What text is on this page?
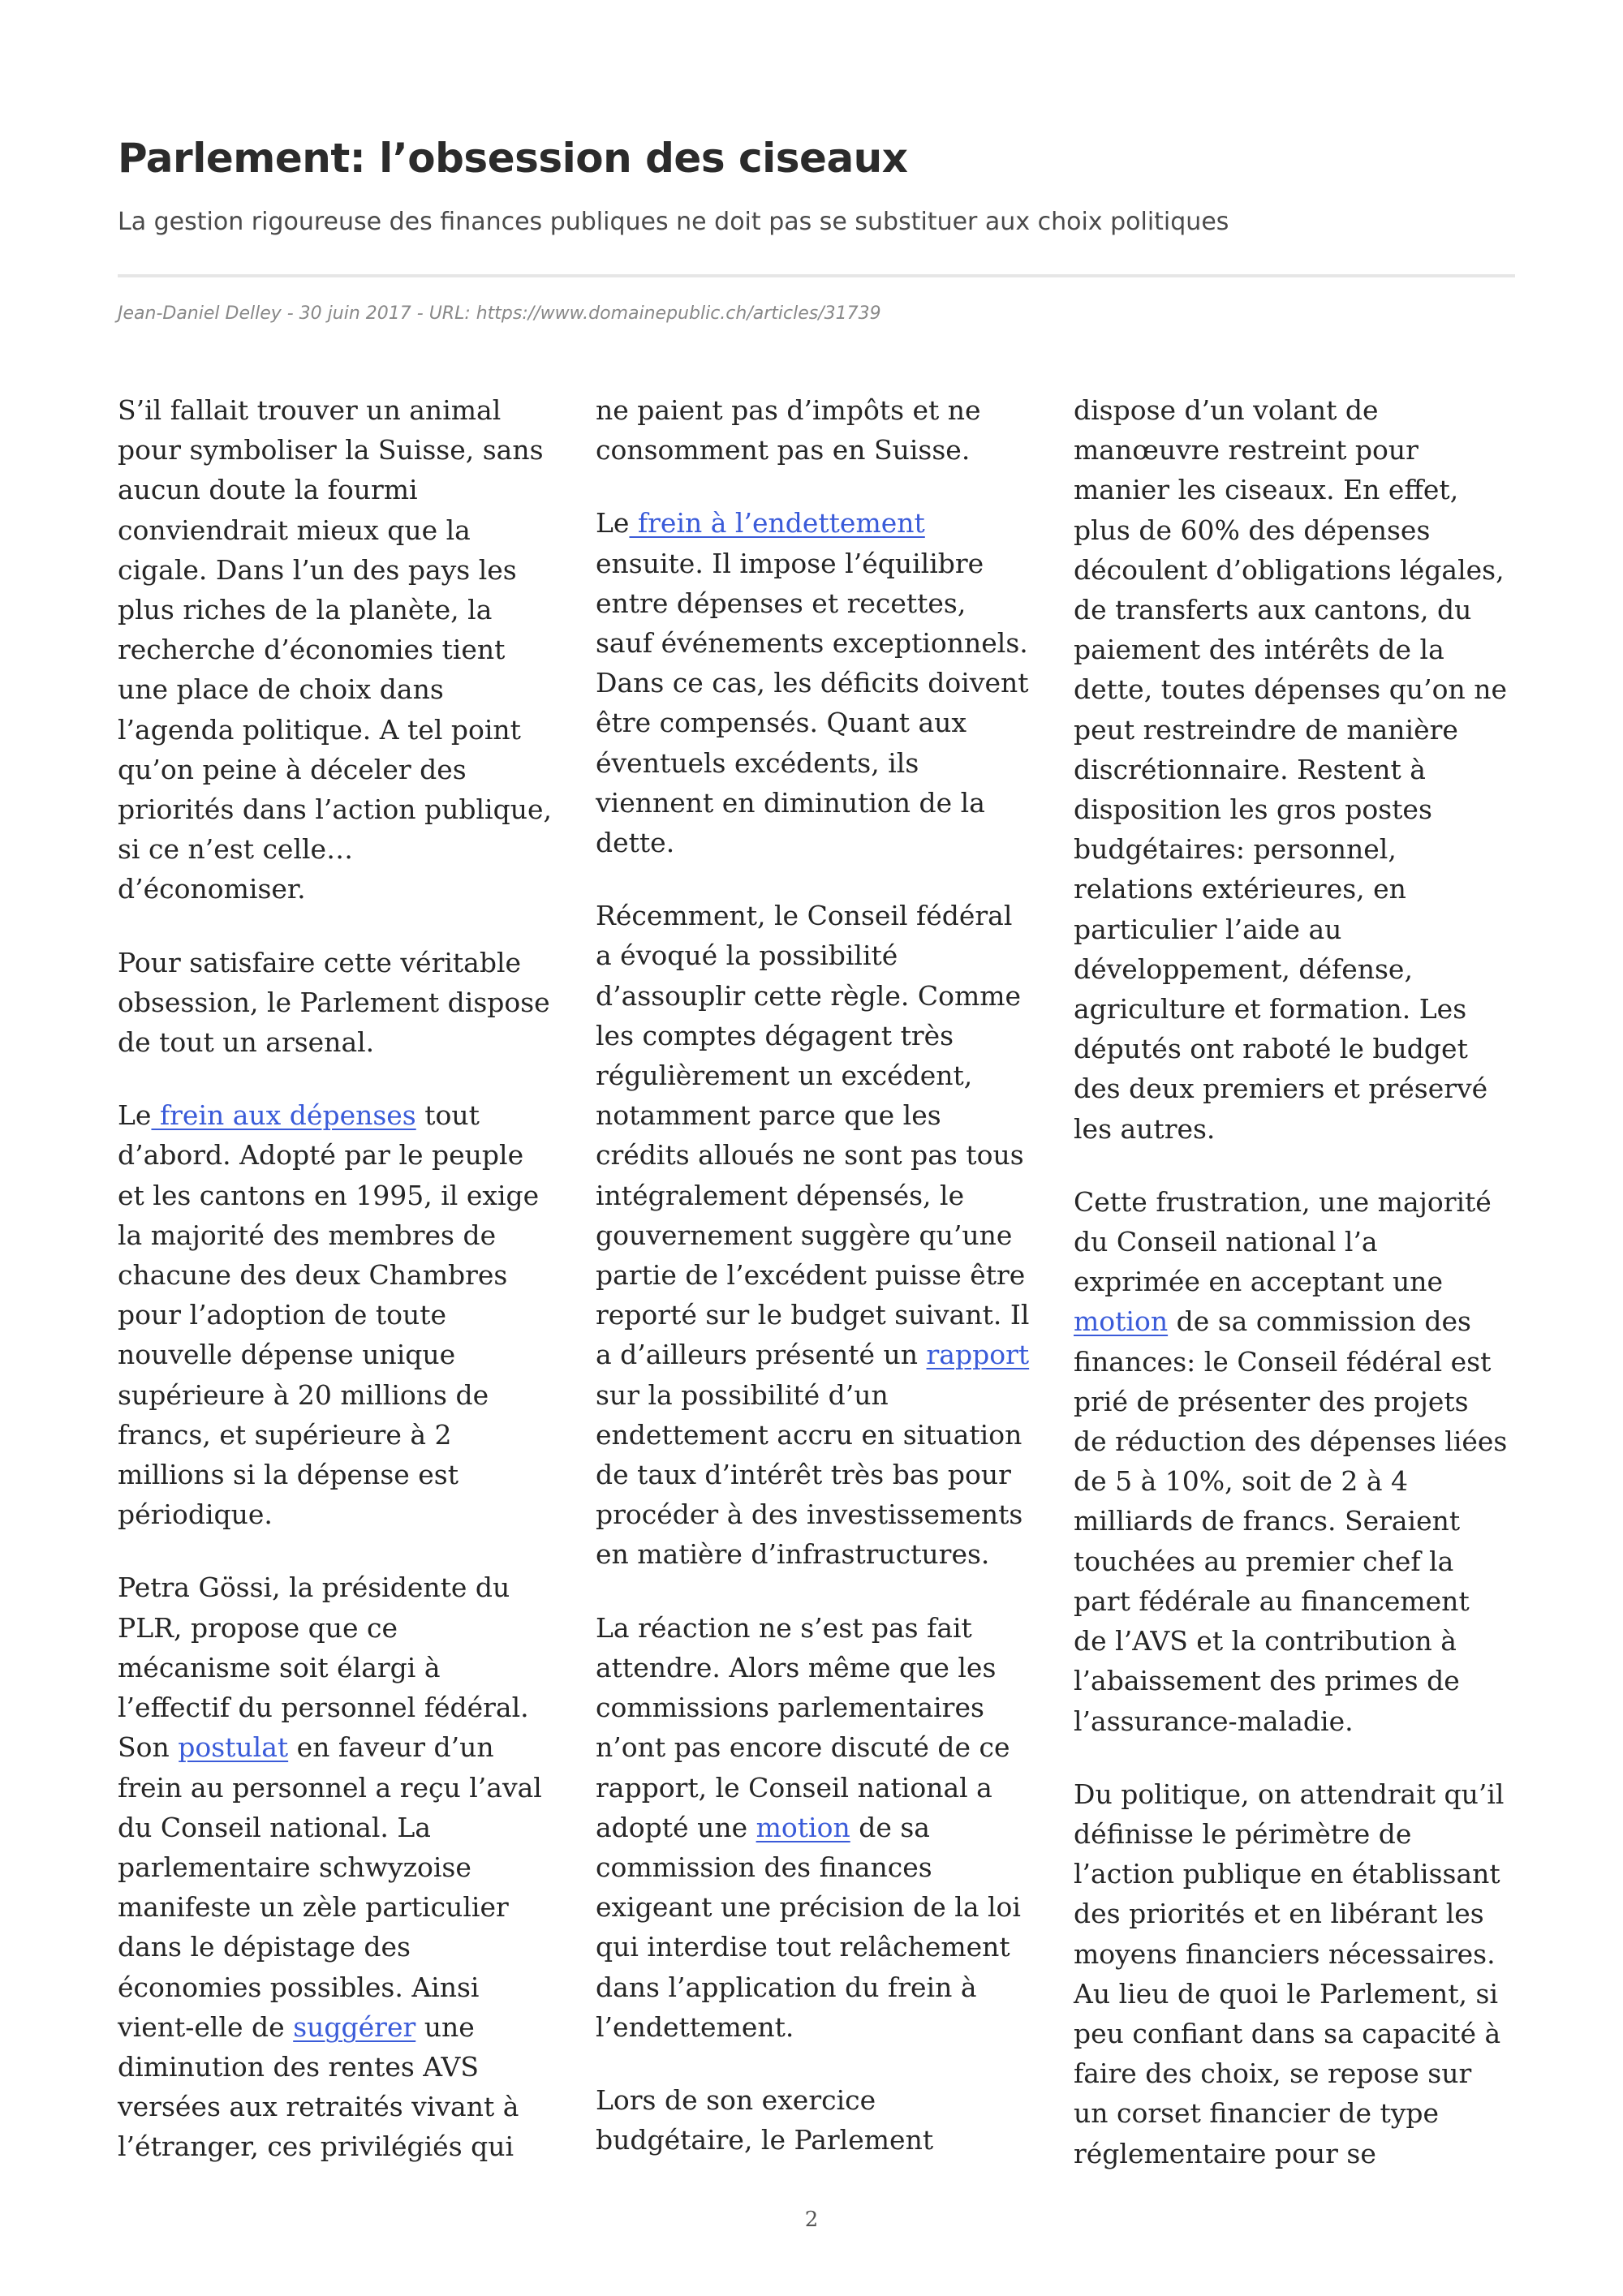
Parlement: l’obsession des ciseaux

La gestion rigoureuse des finances publiques ne doit pas se substituer aux choix politiques

Jean-Daniel Delley - 30 juin 2017 - URL: https://www.domainepublic.ch/articles/31739

S’il fallait trouver un animal
pour symboliser la Suisse, sans
aucun doute la fourmi
conviendrait mieux que la
cigale. Dans l’un des pays les
plus riches de la planète, la
recherche d’économies tient
une place de choix dans
l’agenda politique. A tel point
qu’on peine à déceler des
priorités dans l’action publique,
si ce n’est celle…
d’économiser.

Pour satisfaire cette véritable
obsession, le Parlement dispose
de tout un arsenal.

Le frein aux dépenses tout
d’abord. Adopté par le peuple
et les cantons en 1995, il exige
la majorité des membres de
chacune des deux Chambres
pour l’adoption de toute
nouvelle dépense unique
supérieure à 20 millions de
francs, et supérieure à 2
millions si la dépense est
périodique.

Petra Gössi, la présidente du
PLR, propose que ce
mécanisme soit élargi à
l’effectif du personnel fédéral.
Son postulat en faveur d’un
frein au personnel a reçu l’aval
du Conseil national. La
parlementaire schwyzoise
manifeste un zèle particulier
dans le dépistage des
économies possibles. Ainsi
vient-elle de suggérer une
diminution des rentes AVS
versées aux retraités vivant à
l’étranger, ces privilégiés qui

ne paient pas d’impôts et ne
consomment pas en Suisse.

Le frein à l’endettement
ensuite. Il impose l’équilibre
entre dépenses et recettes,
sauf événements exceptionnels.
Dans ce cas, les déficits doivent
être compensés. Quant aux
éventuels excédents, ils
viennent en diminution de la
dette.

Récemment, le Conseil fédéral
a évoqué la possibilité
d’assouplir cette règle. Comme
les comptes dégagent très
régulièrement un excédent,
notamment parce que les
crédits alloués ne sont pas tous
intégralement dépensés, le
gouvernement suggère qu’une
partie de l’excédent puisse être
reporté sur le budget suivant. Il
a d’ailleurs présenté un rapport
sur la possibilité d’un
endettement accru en situation
de taux d’intérêt très bas pour
procéder à des investissements
en matière d’infrastructures.

La réaction ne s’est pas fait
attendre. Alors même que les
commissions parlementaires
n’ont pas encore discuté de ce
rapport, le Conseil national a
adopté une motion de sa
commission des finances
exigeant une précision de la loi
qui interdise tout relâchement
dans l’application du frein à
l’endettement.

Lors de son exercice
budgétaire, le Parlement

dispose d’un volant de
manœuvre restreint pour
manier les ciseaux. En effet,
plus de 60% des dépenses
découlent d’obligations légales,
de transferts aux cantons, du
paiement des intérêts de la
dette, toutes dépenses qu’on ne
peut restreindre de manière
discrétionnaire. Restent à
disposition les gros postes
budgétaires: personnel,
relations extérieures, en
particulier l’aide au
développement, défense,
agriculture et formation. Les
députés ont raboté le budget
des deux premiers et préservé
les autres.

Cette frustration, une majorité
du Conseil national l’a
exprimée en acceptant une
motion de sa commission des
finances: le Conseil fédéral est
prié de présenter des projets
de réduction des dépenses liées
de 5 à 10%, soit de 2 à 4
milliards de francs. Seraient
touchées au premier chef la
part fédérale au financement
de l’AVS et la contribution à
l’abaissement des primes de
l’assurance-maladie.

Du politique, on attendrait qu’il
définisse le périmètre de
l’action publique en établissant
des priorités et en libérant les
moyens financiers nécessaires.
Au lieu de quoi le Parlement, si
peu confiant dans sa capacité à
faire des choix, se repose sur
un corset financier de type
réglementaire pour se

2
